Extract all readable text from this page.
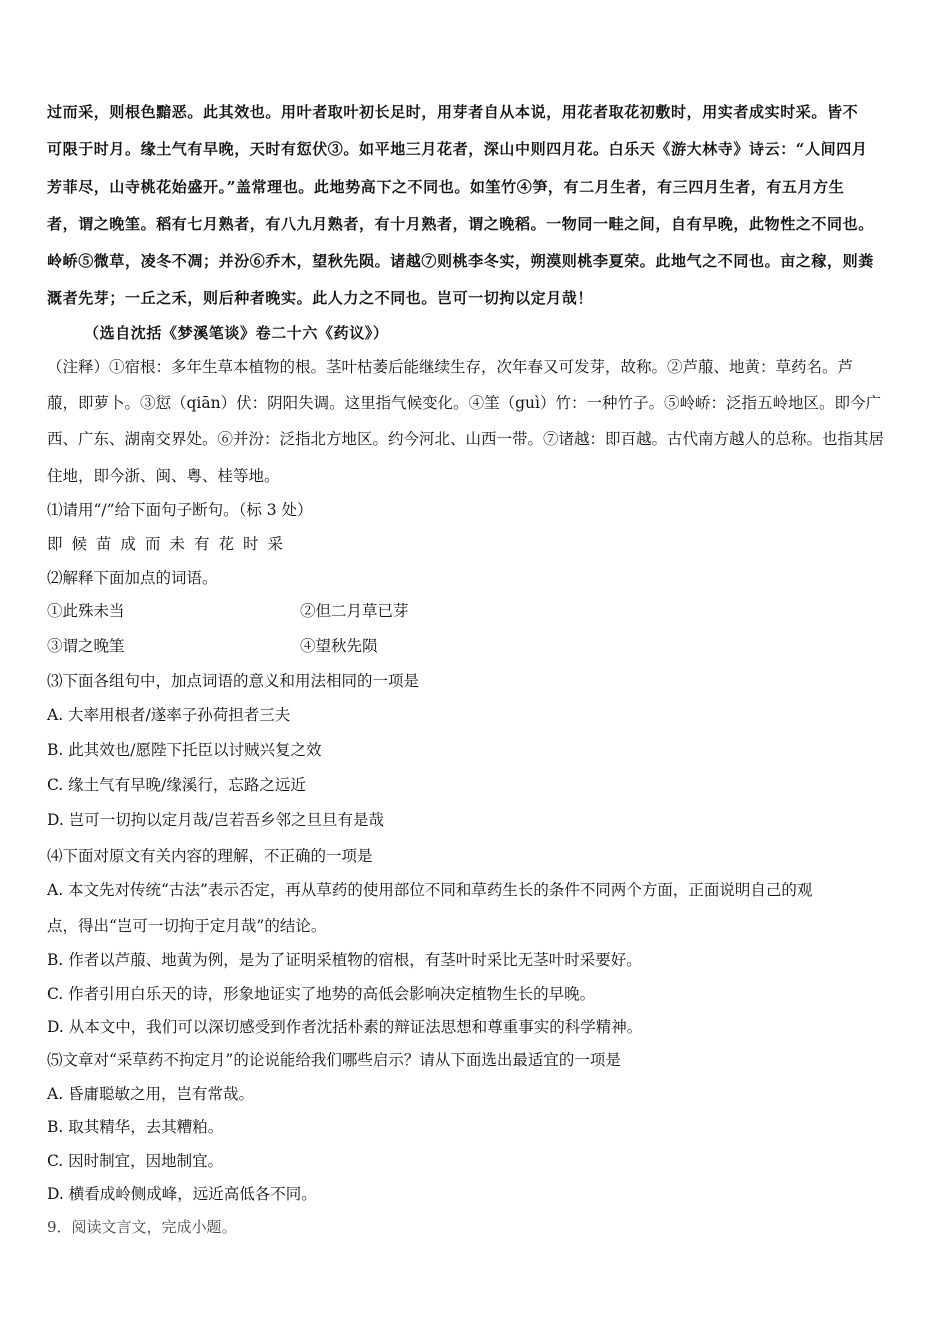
过而采，则根色黯恶。此其效也。用叶者取叶初长足时，用芽者自从本说，用花者取花初敷时，用实者成实时采。皆不
可限于时月。缘土气有早晚，天时有愆伏③。如平地三月花者，深山中则四月花。白乐天《游大林寺》诗云：“人间四月
芳菲尽，山寺桃花始盛开。”盖常理也。此地势高下之不同也。如筀竹④笋，有二月生者，有三四月生者，有五月方生
者，谓之晚筀。稻有七月熟者，有八九月熟者，有十月熟者，谓之晚稻。一物同一畦之间，自有早晚，此物性之不同也。
岭峤⑤微草，凌冬不凋；并汾⑥乔木，望秋先陨。诸越⑦则桃李冬实，朔漠则桃李夏荣。此地气之不同也。亩之稼，则粪
溉者先芽；一丘之禾，则后种者晚实。此人力之不同也。岂可一切拘以定月哉！
（选自沈括《梦溪笔谈》卷二十六《药议》）
（注释）①宿根：多年生草本植物的根。茎叶枯萎后能继续生存，次年春又可发芽，故称。②芦菔、地黄：草药名。芦
菔，即萝卜。③愆（qiān）伏：阴阳失调。这里指气候变化。④筀（guì）竹：一种竹子。⑤岭峤：泛指五岭地区。即今广
西、广东、湖南交界处。⑥并汾：泛指北方地区。约今河北、山西一带。⑦诸越：即百越。古代南方越人的总称。也指其居
住地，即今浙、闽、粤、桂等地。
⑴请用“/”给下面句子断句。（标 3 处）
即候苗成而未有花时采
⑵解释下面加点的词语。
①此殊未当	②但二月草已芽
③谓之晚筀	④望秋先陨
⑶下面各组句中，加点词语的意义和用法相同的一项是
A. 大率用根者/遂率子孙荷担者三夫
B. 此其效也/愿陛下托臣以讨贼兴复之效
C. 缘土气有早晚/缘溪行，忘路之远近
D. 岂可一切拘以定月哉/岂若吾乡邻之旦旦有是哉
⑷下面对原文有关内容的理解，不正确的一项是
A. 本文先对传统“古法”表示否定，再从草药的使用部位不同和草药生长的条件不同两个方面，正面说明自己的观
点，得出“岂可一切拘于定月哉”的结论。
B. 作者以芦菔、地黄为例，是为了证明采植物的宿根，有茎叶时采比无茎叶时采要好。
C. 作者引用白乐天的诗，形象地证实了地势的高低会影响决定植物生长的早晚。
D. 从本文中，我们可以深切感受到作者沈括朴素的辩证法思想和尊重事实的科学精神。
⑸文章对“采草药不拘定月”的论说能给我们哪些启示？请从下面选出最适宜的一项是
A. 昏庸聪敏之用，岂有常哉。
B. 取其精华，去其糟粕。
C. 因时制宜，因地制宜。
D. 横看成岭侧成峰，远近高低各不同。
9．阅读文言文，完成小题。
